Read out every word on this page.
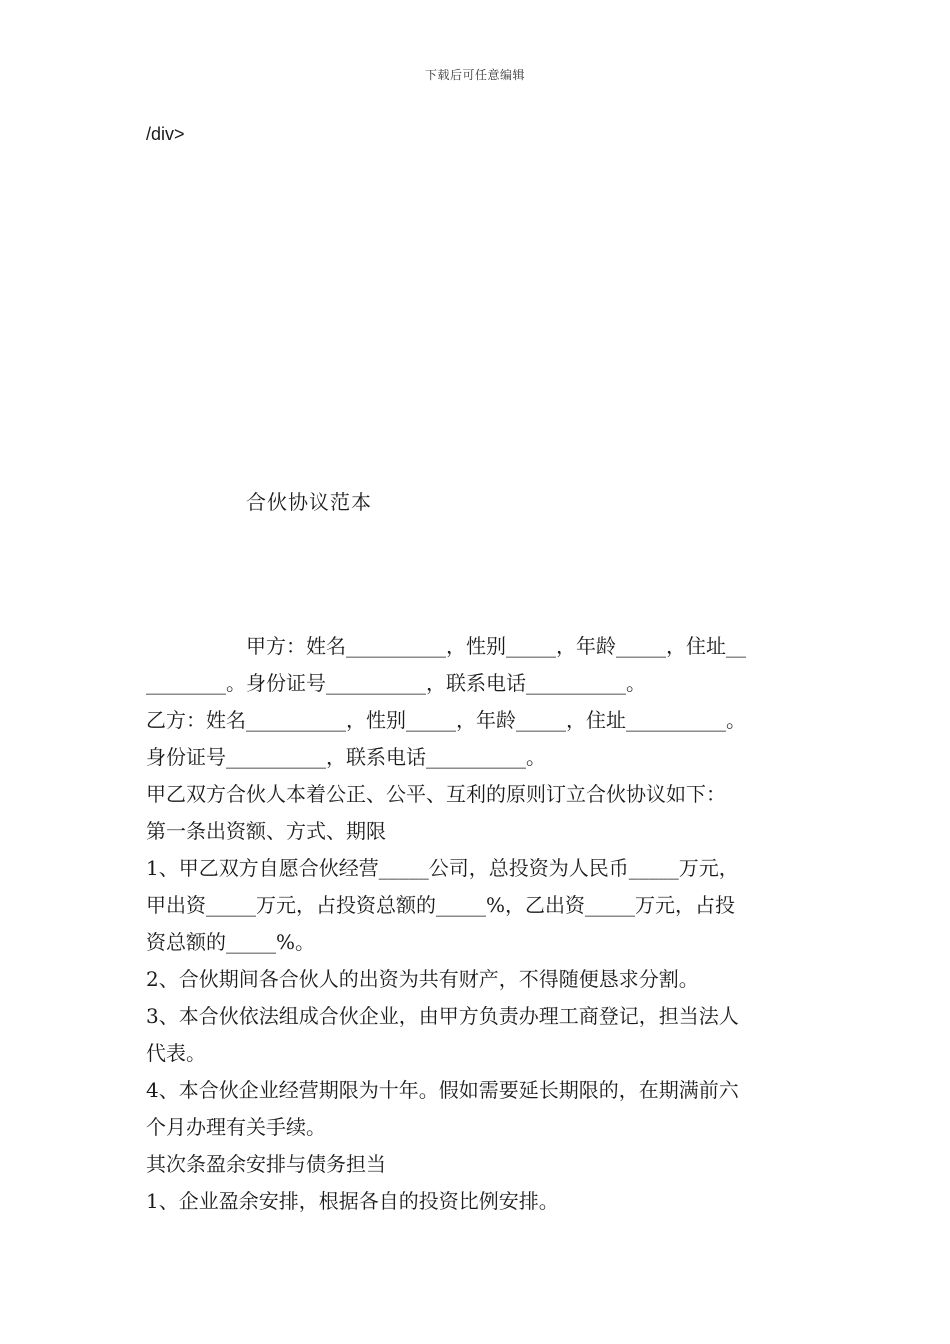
下载后可任意编辑
/div>
合伙协议范本
甲方：姓名__________，性别_____，年龄_____，住址__
________。身份证号__________，联系电话__________。
乙方：姓名__________，性别_____，年龄_____，住址__________。
身份证号__________，联系电话__________。
甲乙双方合伙人本着公正、公平、互利的原则订立合伙协议如下：
第一条出资额、方式、期限
1、甲乙双方自愿合伙经营_____公司，总投资为人民币_____万元，
甲出资_____万元，占投资总额的_____%，乙出资_____万元，占投
资总额的_____%。
2、合伙期间各合伙人的出资为共有财产，不得随便恳求分割。
3、本合伙依法组成合伙企业，由甲方负责办理工商登记，担当法人
代表。
4、本合伙企业经营期限为十年。假如需要延长期限的，在期满前六
个月办理有关手续。
其次条盈余安排与债务担当
1、企业盈余安排，根据各自的投资比例安排。
